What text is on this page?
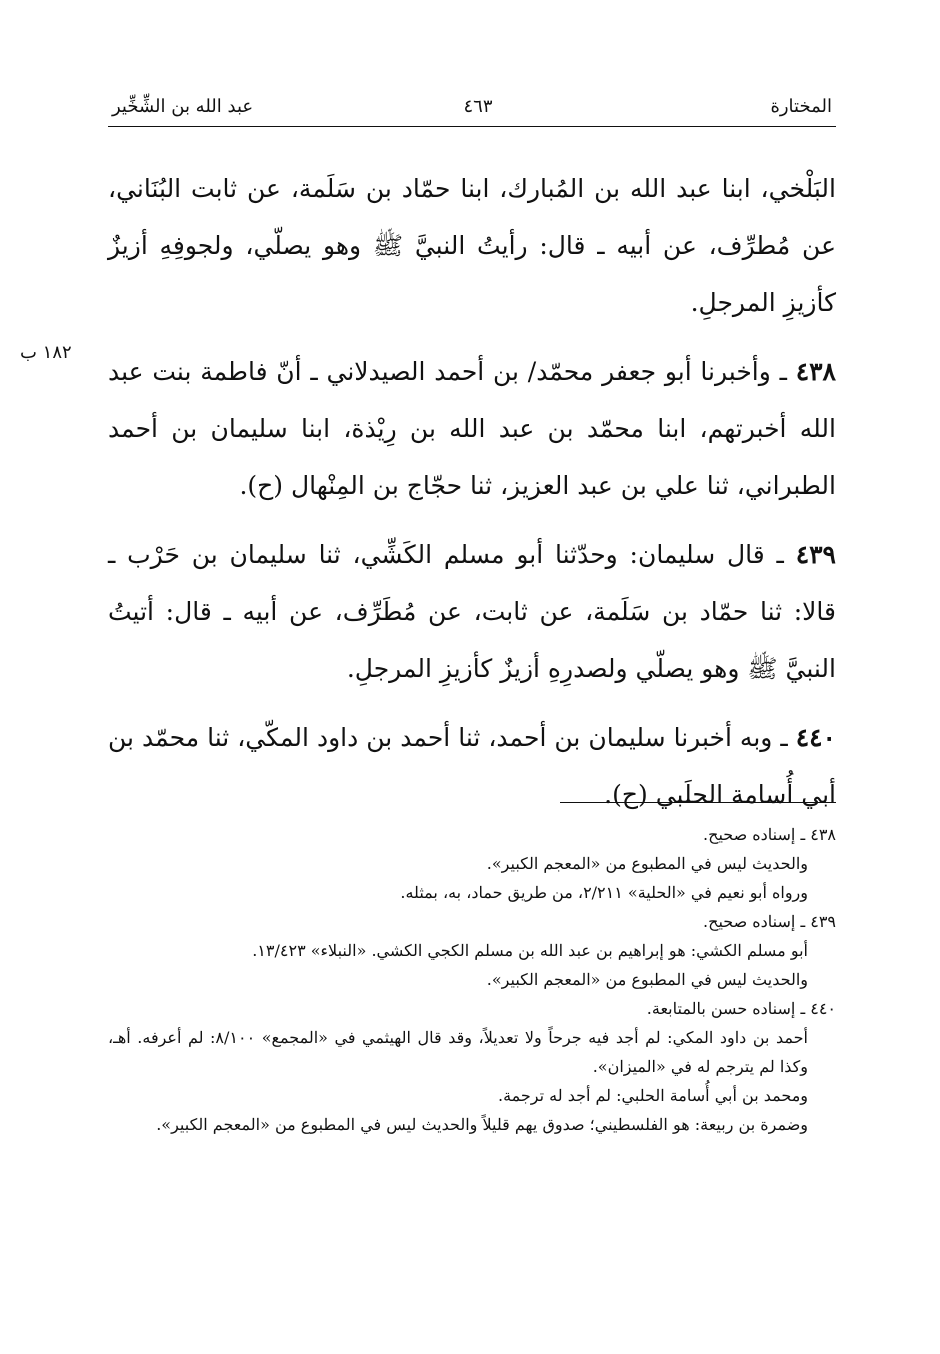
المختارة
٤٦٣
عبد الله بن الشِّخِّير
١٨٢ ب

البَلْخي، ابنا عبد الله بن المُبارك، ابنا حمّاد بن سَلَمة، عن ثابت البُنَاني، عن مُطرِّف، عن أبيه ـ قال: رأيتُ النبيَّ ﷺ وهو يصلّي، ولجوفِهِ أزيزٌ كأزيزِ المرجلِ.

٤٣٨ ـ وأخبرنا أبو جعفر محمّد/ بن أحمد الصيدلاني ـ أنّ فاطمة بنت عبد الله أخبرتهم، ابنا محمّد بن عبد الله بن رِيْذة، ابنا سليمان بن أحمد الطبراني، ثنا علي بن عبد العزيز، ثنا حجّاج بن المِنْهال (ح).

٤٣٩ ـ قال سليمان: وحدّثنا أبو مسلم الكَشِّي، ثنا سليمان بن حَرْب ـ قالا: ثنا حمّاد بن سَلَمة، عن ثابت، عن مُطَرِّف، عن أبيه ـ قال: أتيتُ النبيَّ ﷺ وهو يصلّي ولصدرِهِ أزيزٌ كأزيزِ المرجلِ.

٤٤٠ ـ وبه أخبرنا سليمان بن أحمد، ثنا أحمد بن داود المكّي، ثنا محمّد بن أبي أُسامة الحلَبي (ح).

٤٣٨ ـ إسناده صحيح.

والحديث ليس في المطبوع من «المعجم الكبير».

ورواه أبو نعيم في «الحلية» ٢/٢١١، من طريق حماد، به، بمثله.

٤٣٩ ـ إسناده صحيح.

أبو مسلم الكشي: هو إبراهيم بن عبد الله بن مسلم الكجي الكشي. «النبلاء» ١٣/٤٢٣.

والحديث ليس في المطبوع من «المعجم الكبير».

٤٤٠ ـ إسناده حسن بالمتابعة.

أحمد بن داود المكي: لم أجد فيه جرحاً ولا تعديلاً، وقد قال الهيثمي في «المجمع» ٨/١٠٠: لم أعرفه. أهـ، وكذا لم يترجم له في «الميزان».

ومحمد بن أبي أُسامة الحلبي: لم أجد له ترجمة.

وضمرة بن ربيعة: هو الفلسطيني؛ صدوق يهم قليلاً والحديث ليس في المطبوع من «المعجم الكبير».
